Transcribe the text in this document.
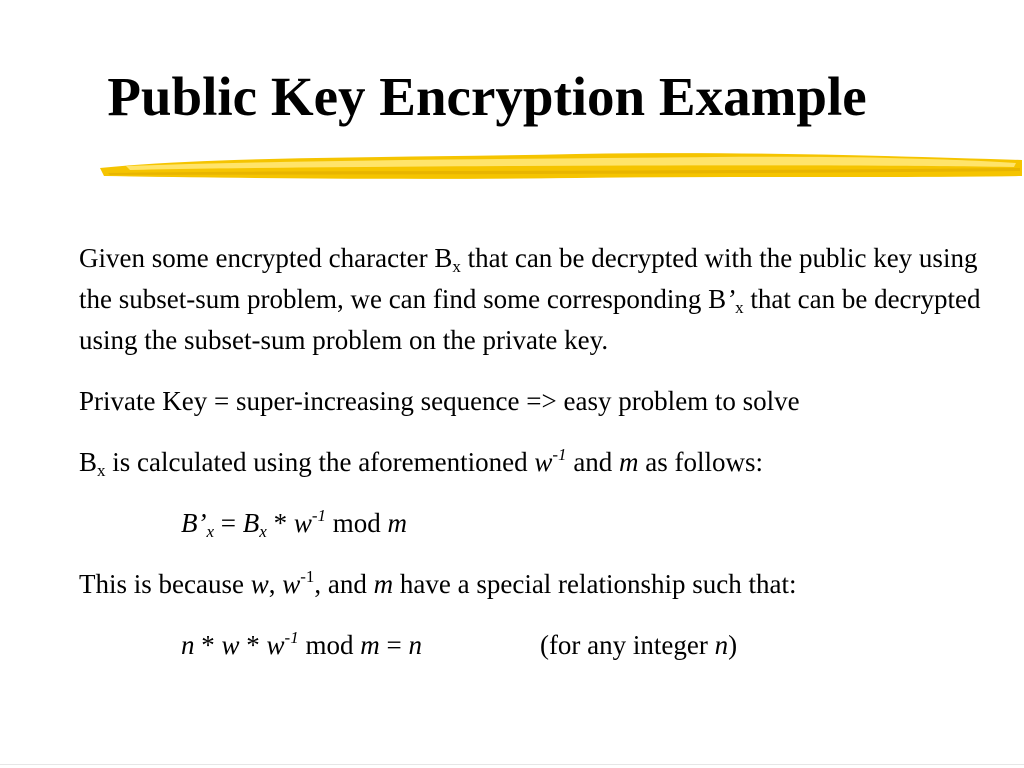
Public Key Encryption Example

Given some encrypted character $B_x$ that can be decrypted with the public key using the subset-sum problem, we can find some corresponding $B’_x$ that can be decrypted using the subset-sum problem on the private key.

Private Key = super-increasing sequence => easy problem to solve

$B_x$ is calculated using the aforementioned $w^{-1}$ and m as follows:

$B’_x = B_x * w^{-1}$ mod m

This is because w, $w^{-1}$, and m have a special relationship such that:

n * w * $w^{-1}$ mod m = n	(for any integer n)
